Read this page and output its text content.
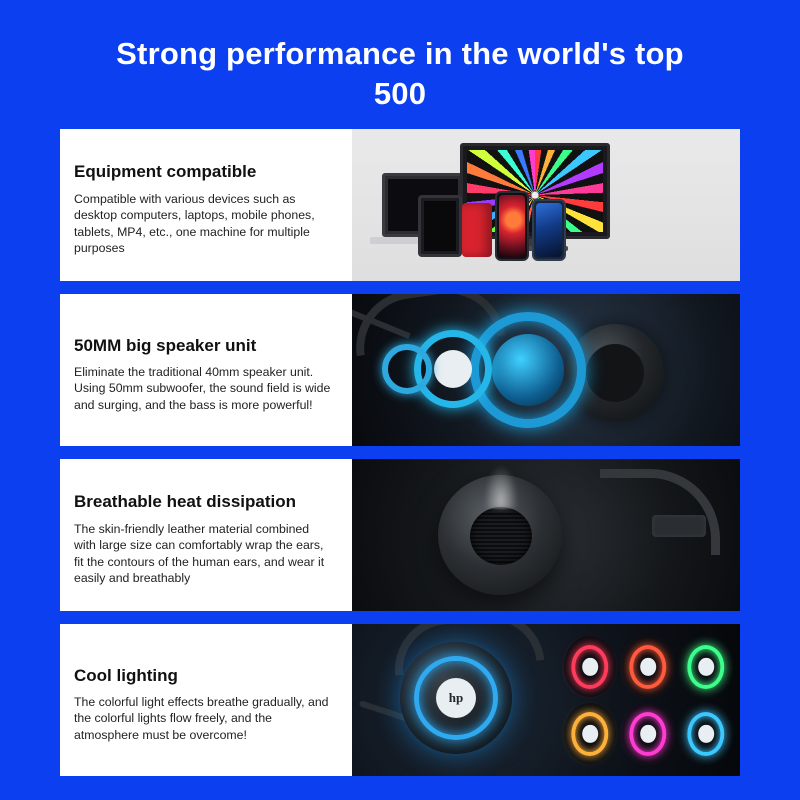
Strong performance in the world's top 500
Equipment compatible
Compatible with various devices such as desktop computers, laptops, mobile phones, tablets, MP4, etc., one machine for multiple purposes
50MM big speaker unit
Eliminate the traditional 40mm speaker unit. Using 50mm subwoofer, the sound field is wide and surging, and the bass is more powerful!
Breathable heat dissipation
The skin-friendly leather material combined with large size can comfortably wrap the ears, fit the contours of the human ears, and wear it easily and breathably
Cool lighting
The colorful light effects breathe gradually, and the colorful lights flow freely, and the atmosphere must be overcome!
hp
